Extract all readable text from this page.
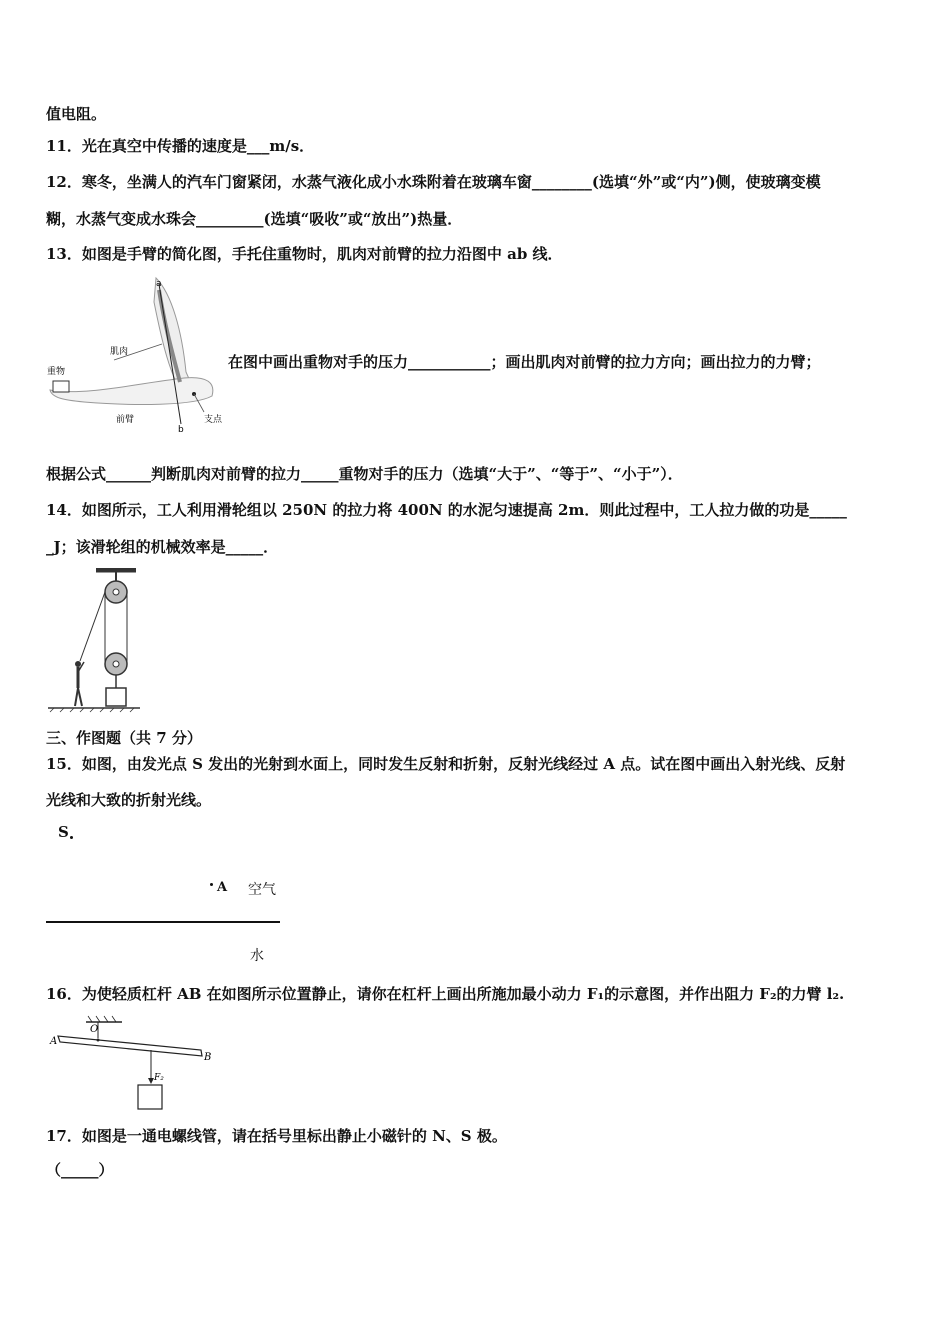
值电阻。
11．光在真空中传播的速度是___m/s．
12．寒冬，坐满人的汽车门窗紧闭，水蒸气液化成小水珠附着在玻璃车窗________(选填“外”或“内”)侧，使玻璃变模
糊，水蒸气变成水珠会_________(选填“吸收”或“放出”)热量．
13．如图是手臂的简化图，手托住重物时，肌肉对前臂的拉力沿图中 ab 线．
a
b
肌肉
重物
前臂	支点
在图中画出重物对手的压力___________；画出肌肉对前臂的拉力方向；画出拉力的力臂；
根据公式______判断肌肉对前臂的拉力_____重物对手的压力（选填“大于”、“等于”、“小于”）．
14．如图所示，工人利用滑轮组以 250N 的拉力将 400N 的水泥匀速提高 2m．则此过程中，工人拉力做的功是_____
_J；该滑轮组的机械效率是_____．
三、作图题（共 7 分）
15．如图，由发光点 S 发出的光射到水面上，同时发生反射和折射，反射光线经过 A 点。试在图中画出入射光线、反射
光线和大致的折射光线。
S
A 空气
水
16．为使轻质杠杆 AB 在如图所示位置静止，请你在杠杆上画出所施加最小动力 F₁的示意图，并作出阻力 F₂的力臂 l₂.
O
A
B
F₂
17．如图是一通电螺线管，请在括号里标出静止小磁针的 N、S 极。
（_____）
